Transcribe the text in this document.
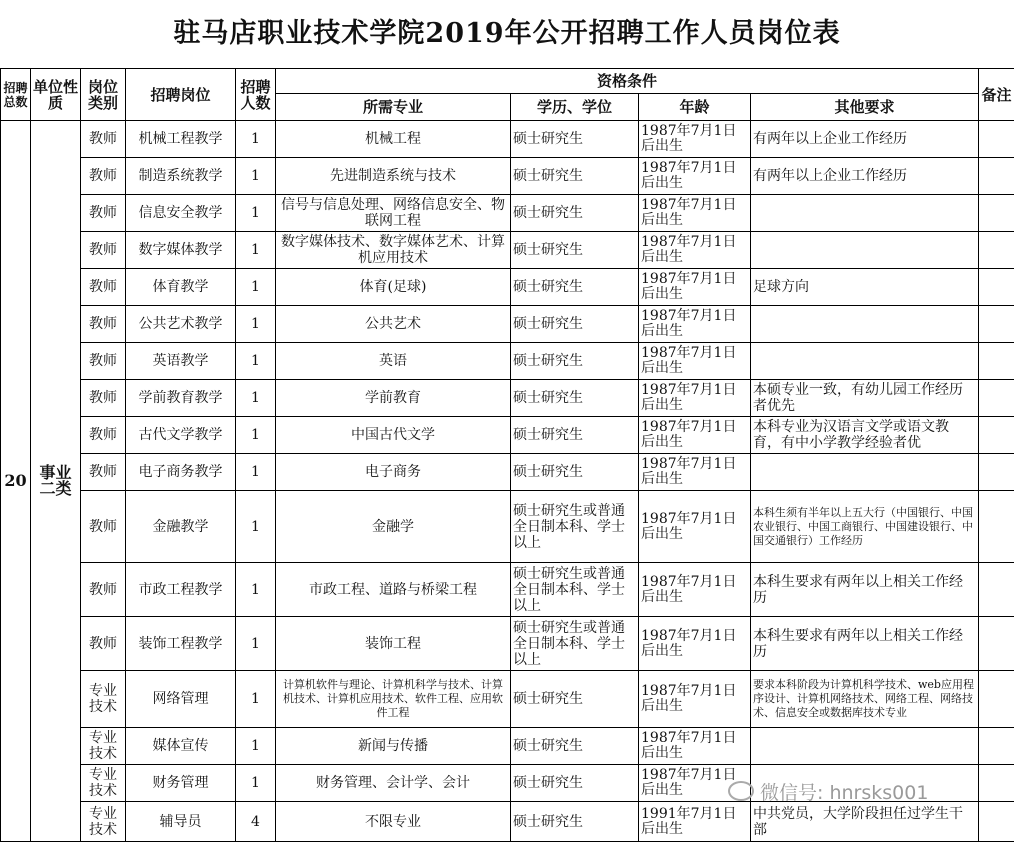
驻马店职业技术学院2019年公开招聘工作人员岗位表
招聘总数	单位性质	岗位类别	招聘岗位	招聘人数	资格条件				备注
					所需专业	学历、学位	年龄	其他要求	
20	事业二类	教师	机械工程教学	1	机械工程	硕士研究生	1987年7月1日后出生	有两年以上企业工作经历	
		教师	制造系统教学	1	先进制造系统与技术	硕士研究生	1987年7月1日后出生	有两年以上企业工作经历	
		教师	信息安全教学	1	信号与信息处理、网络信息安全、物联网工程	硕士研究生	1987年7月1日后出生		
		教师	数字媒体教学	1	数字媒体技术、数字媒体艺术、计算机应用技术	硕士研究生	1987年7月1日后出生		
		教师	体育教学	1	体育(足球)	硕士研究生	1987年7月1日后出生	足球方向	
		教师	公共艺术教学	1	公共艺术	硕士研究生	1987年7月1日后出生		
		教师	英语教学	1	英语	硕士研究生	1987年7月1日后出生		
		教师	学前教育教学	1	学前教育	硕士研究生	1987年7月1日后出生	本硕专业一致，有幼儿园工作经历者优先	
		教师	古代文学教学	1	中国古代文学	硕士研究生	1987年7月1日后出生	本科专业为汉语言文学或语文教育，有中小学教学经验者优	
		教师	电子商务教学	1	电子商务	硕士研究生	1987年7月1日后出生		
		教师	金融教学	1	金融学	硕士研究生或普通全日制本科、学士以上	1987年7月1日后出生	本科生须有半年以上五大行（中国银行、中国农业银行、中国工商银行、中国建设银行、中国交通银行）工作经历	
		教师	市政工程教学	1	市政工程、道路与桥梁工程	硕士研究生或普通全日制本科、学士以上	1987年7月1日后出生	本科生要求有两年以上相关工作经历	
		教师	装饰工程教学	1	装饰工程	硕士研究生或普通全日制本科、学士以上	1987年7月1日后出生	本科生要求有两年以上相关工作经历	
		专业技术	网络管理	1	计算机软件与理论、计算机科学与技术、计算机技术、计算机应用技术、软件工程、应用软件工程	硕士研究生	1987年7月1日后出生	要求本科阶段为计算机科学技术、web应用程序设计、计算机网络技术、网络工程、网络技术、信息安全或数据库技术专业	
		专业技术	媒体宣传	1	新闻与传播	硕士研究生	1987年7月1日后出生		
		专业技术	财务管理	1	财务管理、会计学、会计	硕士研究生	1987年7月1日后出生		
		专业技术	辅导员	4	不限专业	硕士研究生	1991年7月1日后出生	中共党员，大学阶段担任过学生干部	
微信号: hnrsks001
